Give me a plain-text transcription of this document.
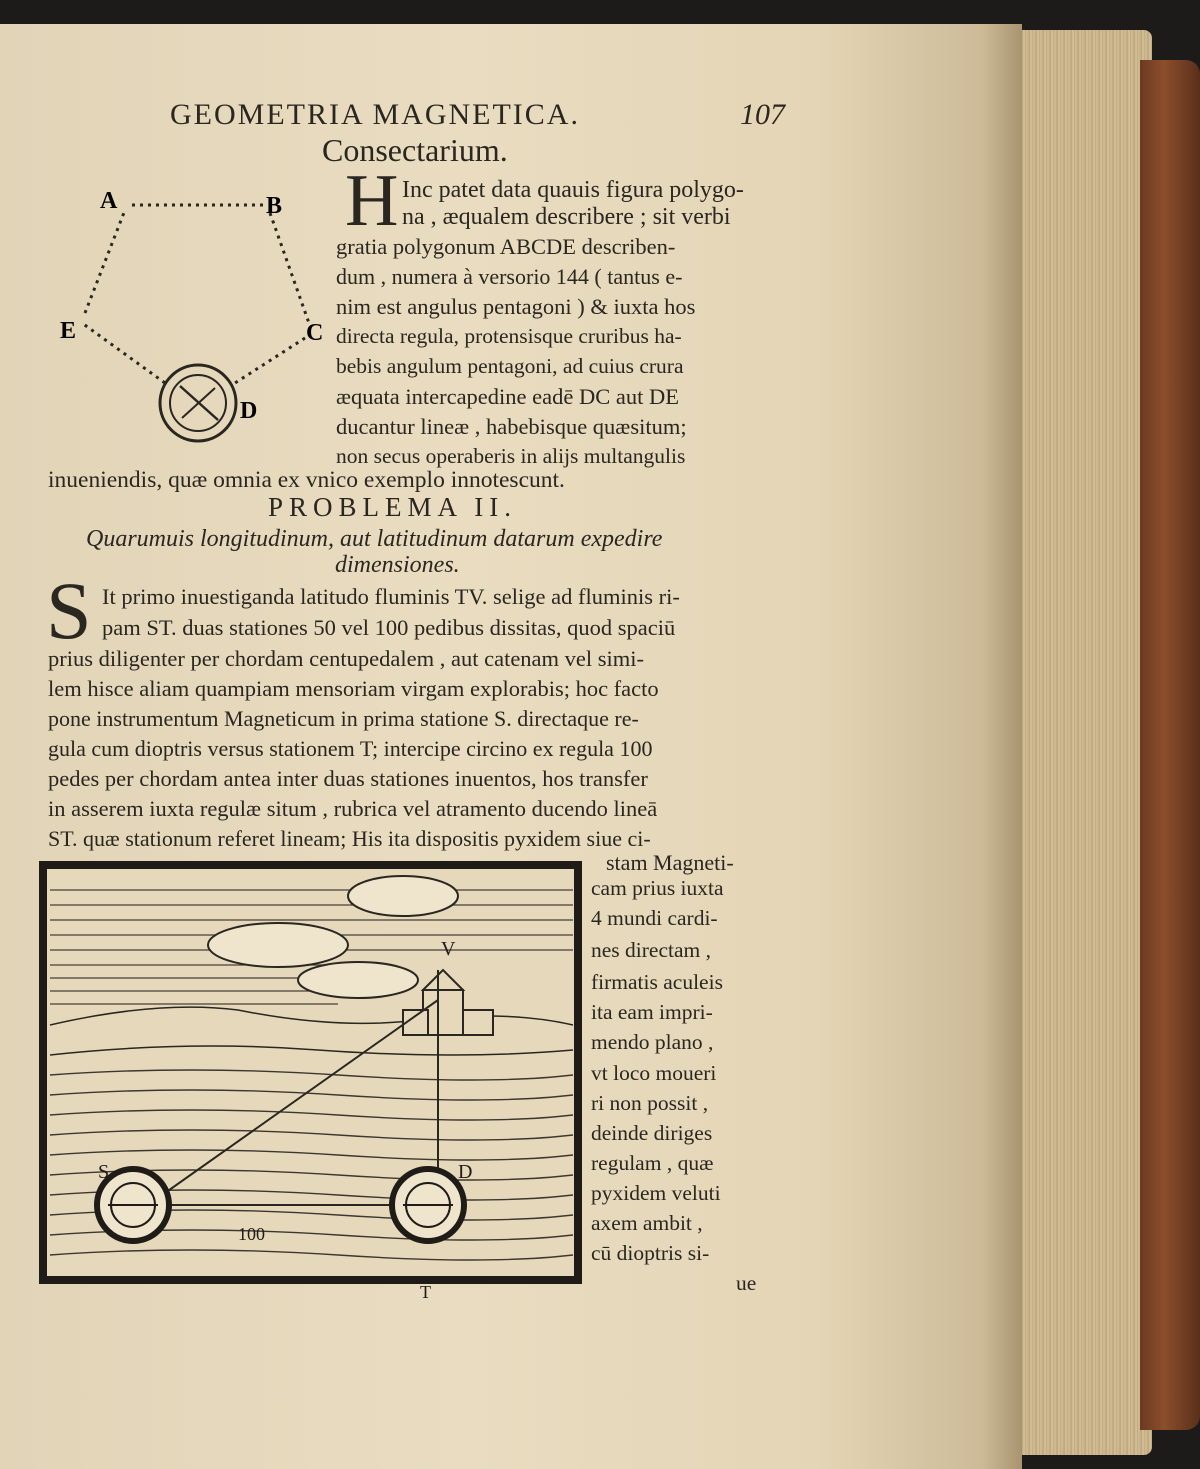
GEOMETRIA MAGNETICA.	107
Consectarium.
A	B
C
D
E
H Inc patet data quauis figura polygo-
na , æqualem describere ; sit verbi
gratia polygonum ABCDE describen-
dum , numera à versorio 144 ( tantus e-
nim est angulus pentagoni ) & iuxta hos
directa regula, protensisque cruribus ha-
bebis angulum pentagoni, ad cuius crura
æquata intercapedine eadē DC aut DE
ducantur lineæ , habebisque quæsitum;
non secus operaberis in alijs multangulis
inueniendis, quæ omnia ex vnico exemplo innotescunt.
PROBLEMA II.
Quarumuis longitudinum, aut latitudinum datarum expedire
dimensiones.
S It primo inuestiganda latitudo fluminis TV. selige ad fluminis ri-
pam ST. duas stationes 50 vel 100 pedibus dissitas, quod spaciū
prius diligenter per chordam centupedalem , aut catenam vel simi-
lem hisce aliam quampiam mensoriam virgam explorabis; hoc facto
pone instrumentum Magneticum in prima statione S. directaque re-
gula cum dioptris versus stationem T; intercipe circino ex regula 100
pedes per chordam antea inter duas stationes inuentos, hos transfer
in asserem iuxta regulæ situm , rubrica vel atramento ducendo lineā
ST. quæ stationum referet lineam; His ita dispositis pyxidem siue ci-
V
D
S
100
T
stam Magneti-
cam prius iuxta
4 mundi cardi-
nes directam ,
firmatis aculeis
ita eam impri-
mendo plano ,
vt loco moueri
ri non possit ,
deinde diriges
regulam , quæ
pyxidem veluti
axem ambit ,
cū dioptris si-
ue
